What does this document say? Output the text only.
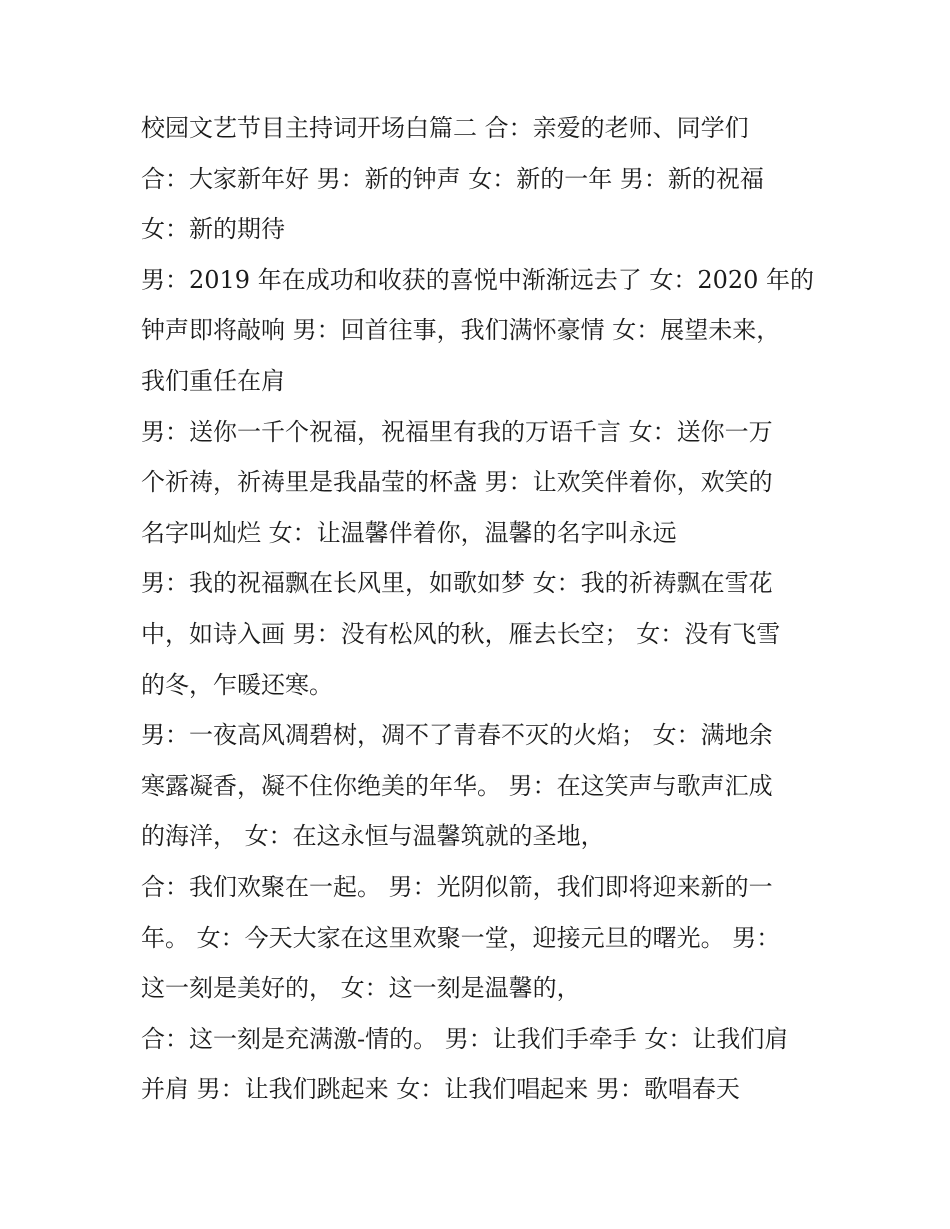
校园文艺节目主持词开场白篇二 合：亲爱的老师、同学们
合：大家新年好 男：新的钟声 女：新的一年 男：新的祝福
女：新的期待
男：2019 年在成功和收获的喜悦中渐渐远去了 女：2020 年的
钟声即将敲响 男：回首往事，我们满怀豪情 女：展望未来，
我们重任在肩
男：送你一千个祝福，祝福里有我的万语千言 女：送你一万
个祈祷，祈祷里是我晶莹的杯盏 男：让欢笑伴着你，欢笑的
名字叫灿烂 女：让温馨伴着你，温馨的名字叫永远
男：我的祝福飘在长风里，如歌如梦 女：我的祈祷飘在雪花
中，如诗入画 男：没有松风的秋，雁去长空； 女：没有飞雪
的冬，乍暖还寒。
男：一夜高风凋碧树，凋不了青春不灭的火焰； 女：满地余
寒露凝香，凝不住你绝美的年华。 男：在这笑声与歌声汇成
的海洋， 女：在这永恒与温馨筑就的圣地，
合：我们欢聚在一起。 男：光阴似箭，我们即将迎来新的一
年。 女：今天大家在这里欢聚一堂，迎接元旦的曙光。 男：
这一刻是美好的， 女：这一刻是温馨的，
合：这一刻是充满激-情的。 男：让我们手牵手 女：让我们肩
并肩 男：让我们跳起来 女：让我们唱起来 男：歌唱春天
